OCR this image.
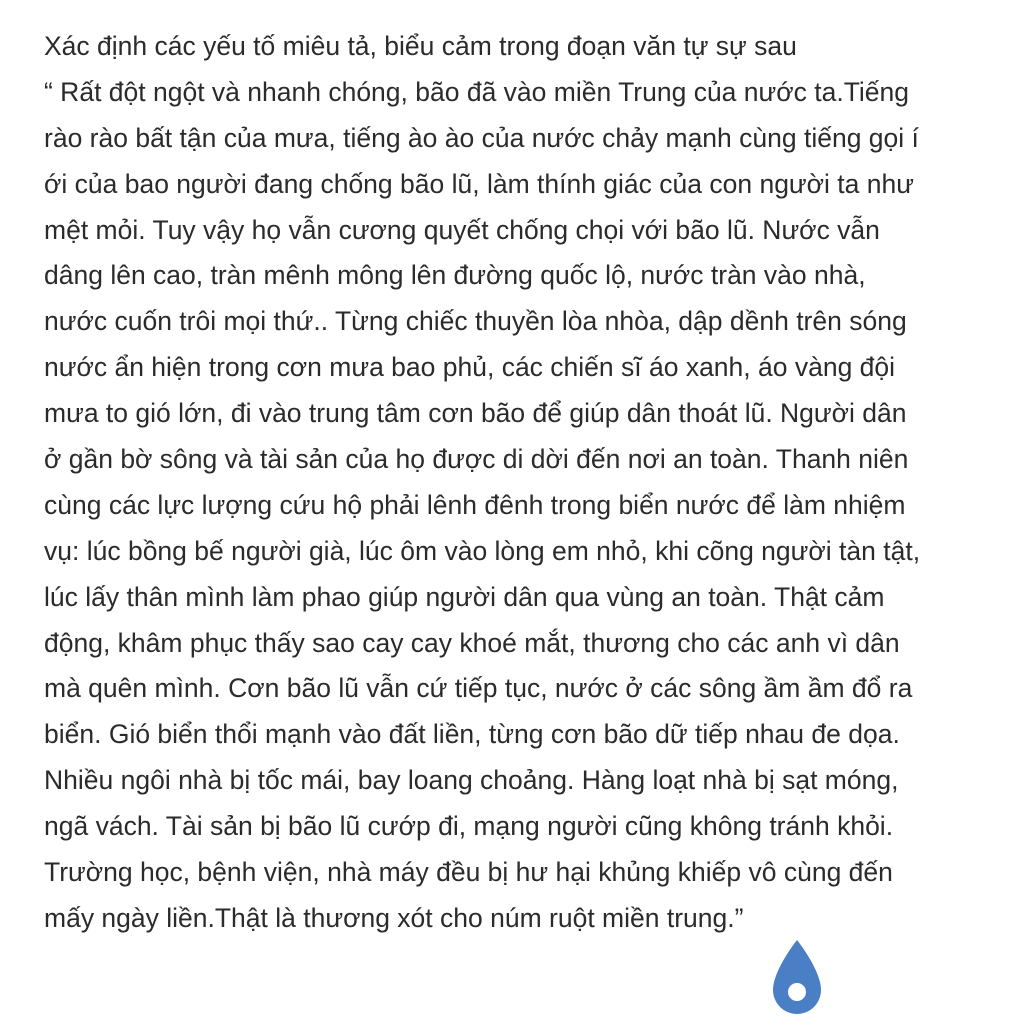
Xác định các yếu tố miêu tả, biểu cảm trong đoạn văn tự sự sau
“ Rất đột ngột và nhanh chóng, bão đã vào miền Trung của nước ta.Tiếng
rào rào bất tận của mưa, tiếng ào ào của nước chảy mạnh cùng tiếng gọi í
ới của bao người đang chống bão lũ, làm thính giác của con người ta như
mệt mỏi. Tuy vậy họ vẫn cương quyết chống chọi với bão lũ. Nước vẫn
dâng lên cao, tràn mênh mông lên đường quốc lộ, nước tràn vào nhà,
nước cuốn trôi mọi thứ.. Từng chiếc thuyền lòa nhòa, dập dềnh trên sóng
nước ẩn hiện trong cơn mưa bao phủ, các chiến sĩ áo xanh, áo vàng đội
mưa to gió lớn, đi vào trung tâm cơn bão để giúp dân thoát lũ. Người dân
ở gần bờ sông và tài sản của họ được di dời đến nơi an toàn. Thanh niên
cùng các lực lượng cứu hộ phải lênh đênh trong biển nước để làm nhiệm
vụ: lúc bồng bế người già, lúc ôm vào lòng em nhỏ, khi cõng người tàn tật,
lúc lấy thân mình làm phao giúp người dân qua vùng an toàn. Thật cảm
động, khâm phục thấy sao cay cay khoé mắt, thương cho các anh vì dân
mà quên mình. Cơn bão lũ vẫn cứ tiếp tục, nước ở các sông ầm ầm đổ ra
biển. Gió biển thổi mạnh vào đất liền, từng cơn bão dữ tiếp nhau đe dọa.
Nhiều ngôi nhà bị tốc mái, bay loang choảng. Hàng loạt nhà bị sạt móng,
ngã vách. Tài sản bị bão lũ cướp đi, mạng người cũng không tránh khỏi.
Trường học, bệnh viện, nhà máy đều bị hư hại khủng khiếp vô cùng đến
mấy ngày liền.Thật là thương xót cho núm ruột miền trung.”
